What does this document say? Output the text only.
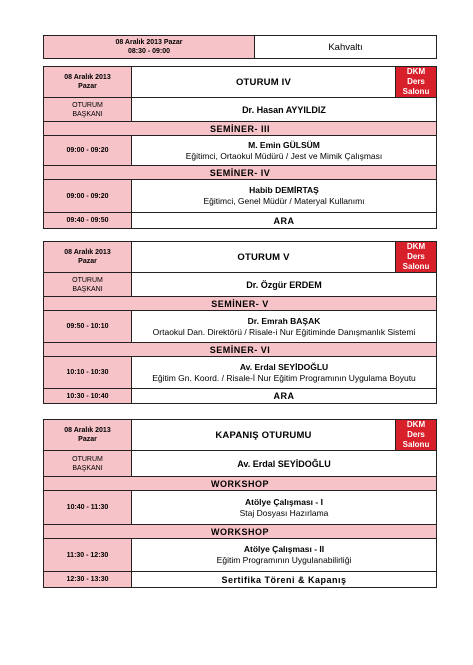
08 Aralık 2013 Pazar
08:30 - 09:00	Kahvaltı
08 Aralık 2013
Pazar	OTURUM IV	DKM
Ders Salonu
OTURUM
BAŞKANI	Dr. Hasan AYYILDIZ	
SEMİNER- III		
09:00 - 09:20	M. Emin GÜLSÜM
Eğitimci, Ortaokul Müdürü / Jest ve Mimik Çalışması	

SEMİNER- IV		
09:00 - 09:20	Habib DEMİRTAŞ
Eğitimci, Genel Müdür / Materyal Kullanımı	

09:40 - 09:50	ARA	
08 Aralık 2013
Pazar	OTURUM V	DKM
Ders Salonu
OTURUM
BAŞKANI	Dr. Özgür ERDEM	
SEMİNER- V		
09:50 - 10:10	Dr. Emrah BAŞAK
Ortaokul Dan. Direktörü / Risale-i Nur Eğitiminde Danışmanlık Sistemi	

SEMİNER- VI		
10:10 - 10:30	Av. Erdal SEYİDOĞLU
Eğitim Gn. Koord. / Risale-İ Nur Eğitim Programının Uygulama Boyutu	

10:30 - 10:40	ARA	
08 Aralık 2013
Pazar	KAPANIŞ OTURUMU	DKM
Ders Salonu
OTURUM
BAŞKANI	Av. Erdal SEYİDOĞLU	
WORKSHOP		
10:40 - 11:30	Atölye Çalışması - I
Staj Dosyası Hazırlama	

WORKSHOP		
11:30 - 12:30	Atölye Çalışması - II
Eğitim Programının Uygulanabilirliği	

12:30 - 13:30	Sertifika Töreni & Kapanış	
